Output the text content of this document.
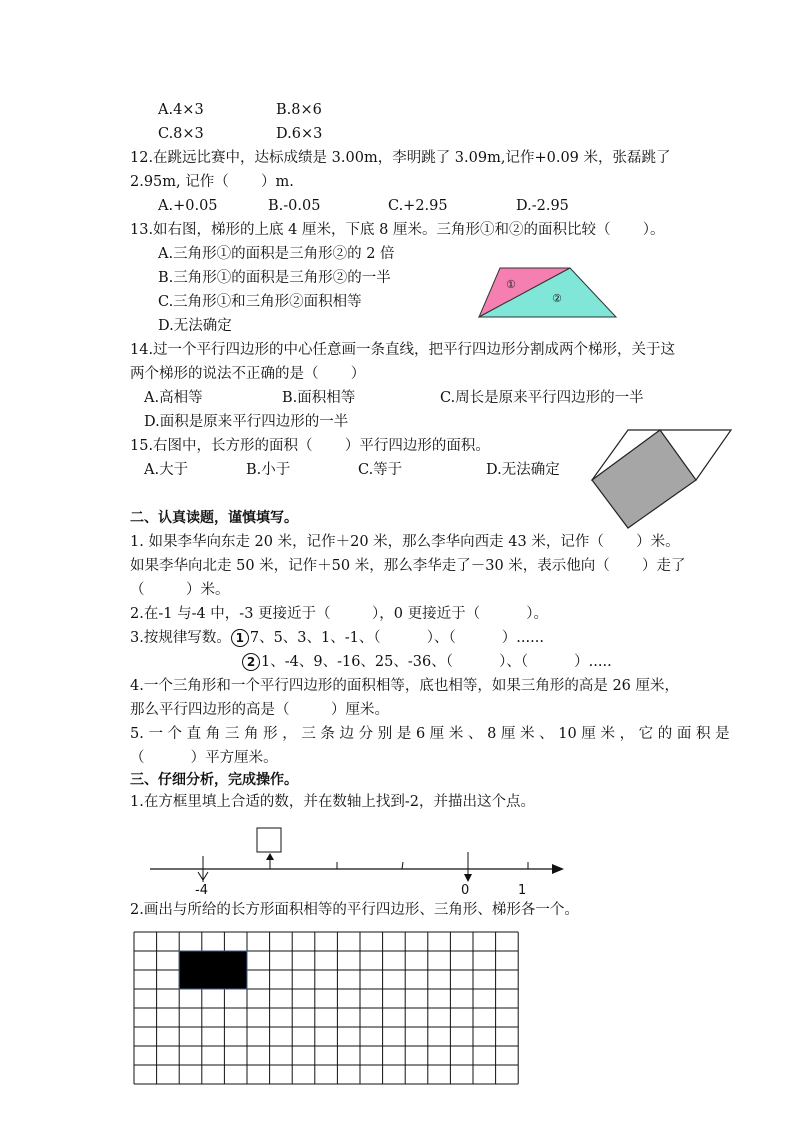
A.4×3	B.8×6
C.8×3	D.6×3
12.在跳远比赛中，达标成绩是 3.00m，李明跳了 3.09m,记作+0.09 米，张磊跳了
2.95m, 记作（       ）m.
A.+0.05	B.-0.05	C.+2.95	D.-2.95
13.如右图，梯形的上底 4 厘米，下底 8 厘米。三角形①和②的面积比较（       ）。
A.三角形①的面积是三角形②的 2 倍
B.三角形①的面积是三角形②的一半
C.三角形①和三角形②面积相等
D.无法确定
①
②
14.过一个平行四边形的中心任意画一条直线，把平行四边形分割成两个梯形，关于这
两个梯形的说法不正确的是（       ）
A.高相等	B.面积相等	C.周长是原来平行四边形的一半
D.面积是原来平行四边形的一半
15.右图中，长方形的面积（       ）平行四边形的面积。
A.大于	B.小于	C.等于	D.无法确定
二、认真读题，谨慎填写。
1. 如果李华向东走 20 米，记作＋20 米，那么李华向西走 43 米，记作（       ）米。
如果李华向北走 50 米，记作＋50 米，那么李华走了－30 米，表示他向（       ）走了
（         ）米。
2.在-1 与-4 中，-3 更接近于（         ），0 更接近于（          ）。
3.按规律写数。 1 7、5、3、1、-1、（          ）、（          ）......
2 1、-4、9、-16、25、-36、（          ）、（          ）.....
4.一个三角形和一个平行四边形的面积相等，底也相等，如果三角形的高是 26 厘米，
那么平行四边形的高是（         ）厘米。
5. 一 个 直 角 三 角 形 ， 三 条 边 分 别 是 6 厘 米 、 8 厘 米 、 10 厘 米 ， 它 的 面 积 是
（          ）平方厘米。
三、仔细分析，完成操作。
1.在方框里填上合适的数，并在数轴上找到-2，并描出这个点。
-4	0	1
2.画出与所给的长方形面积相等的平行四边形、三角形、梯形各一个。
